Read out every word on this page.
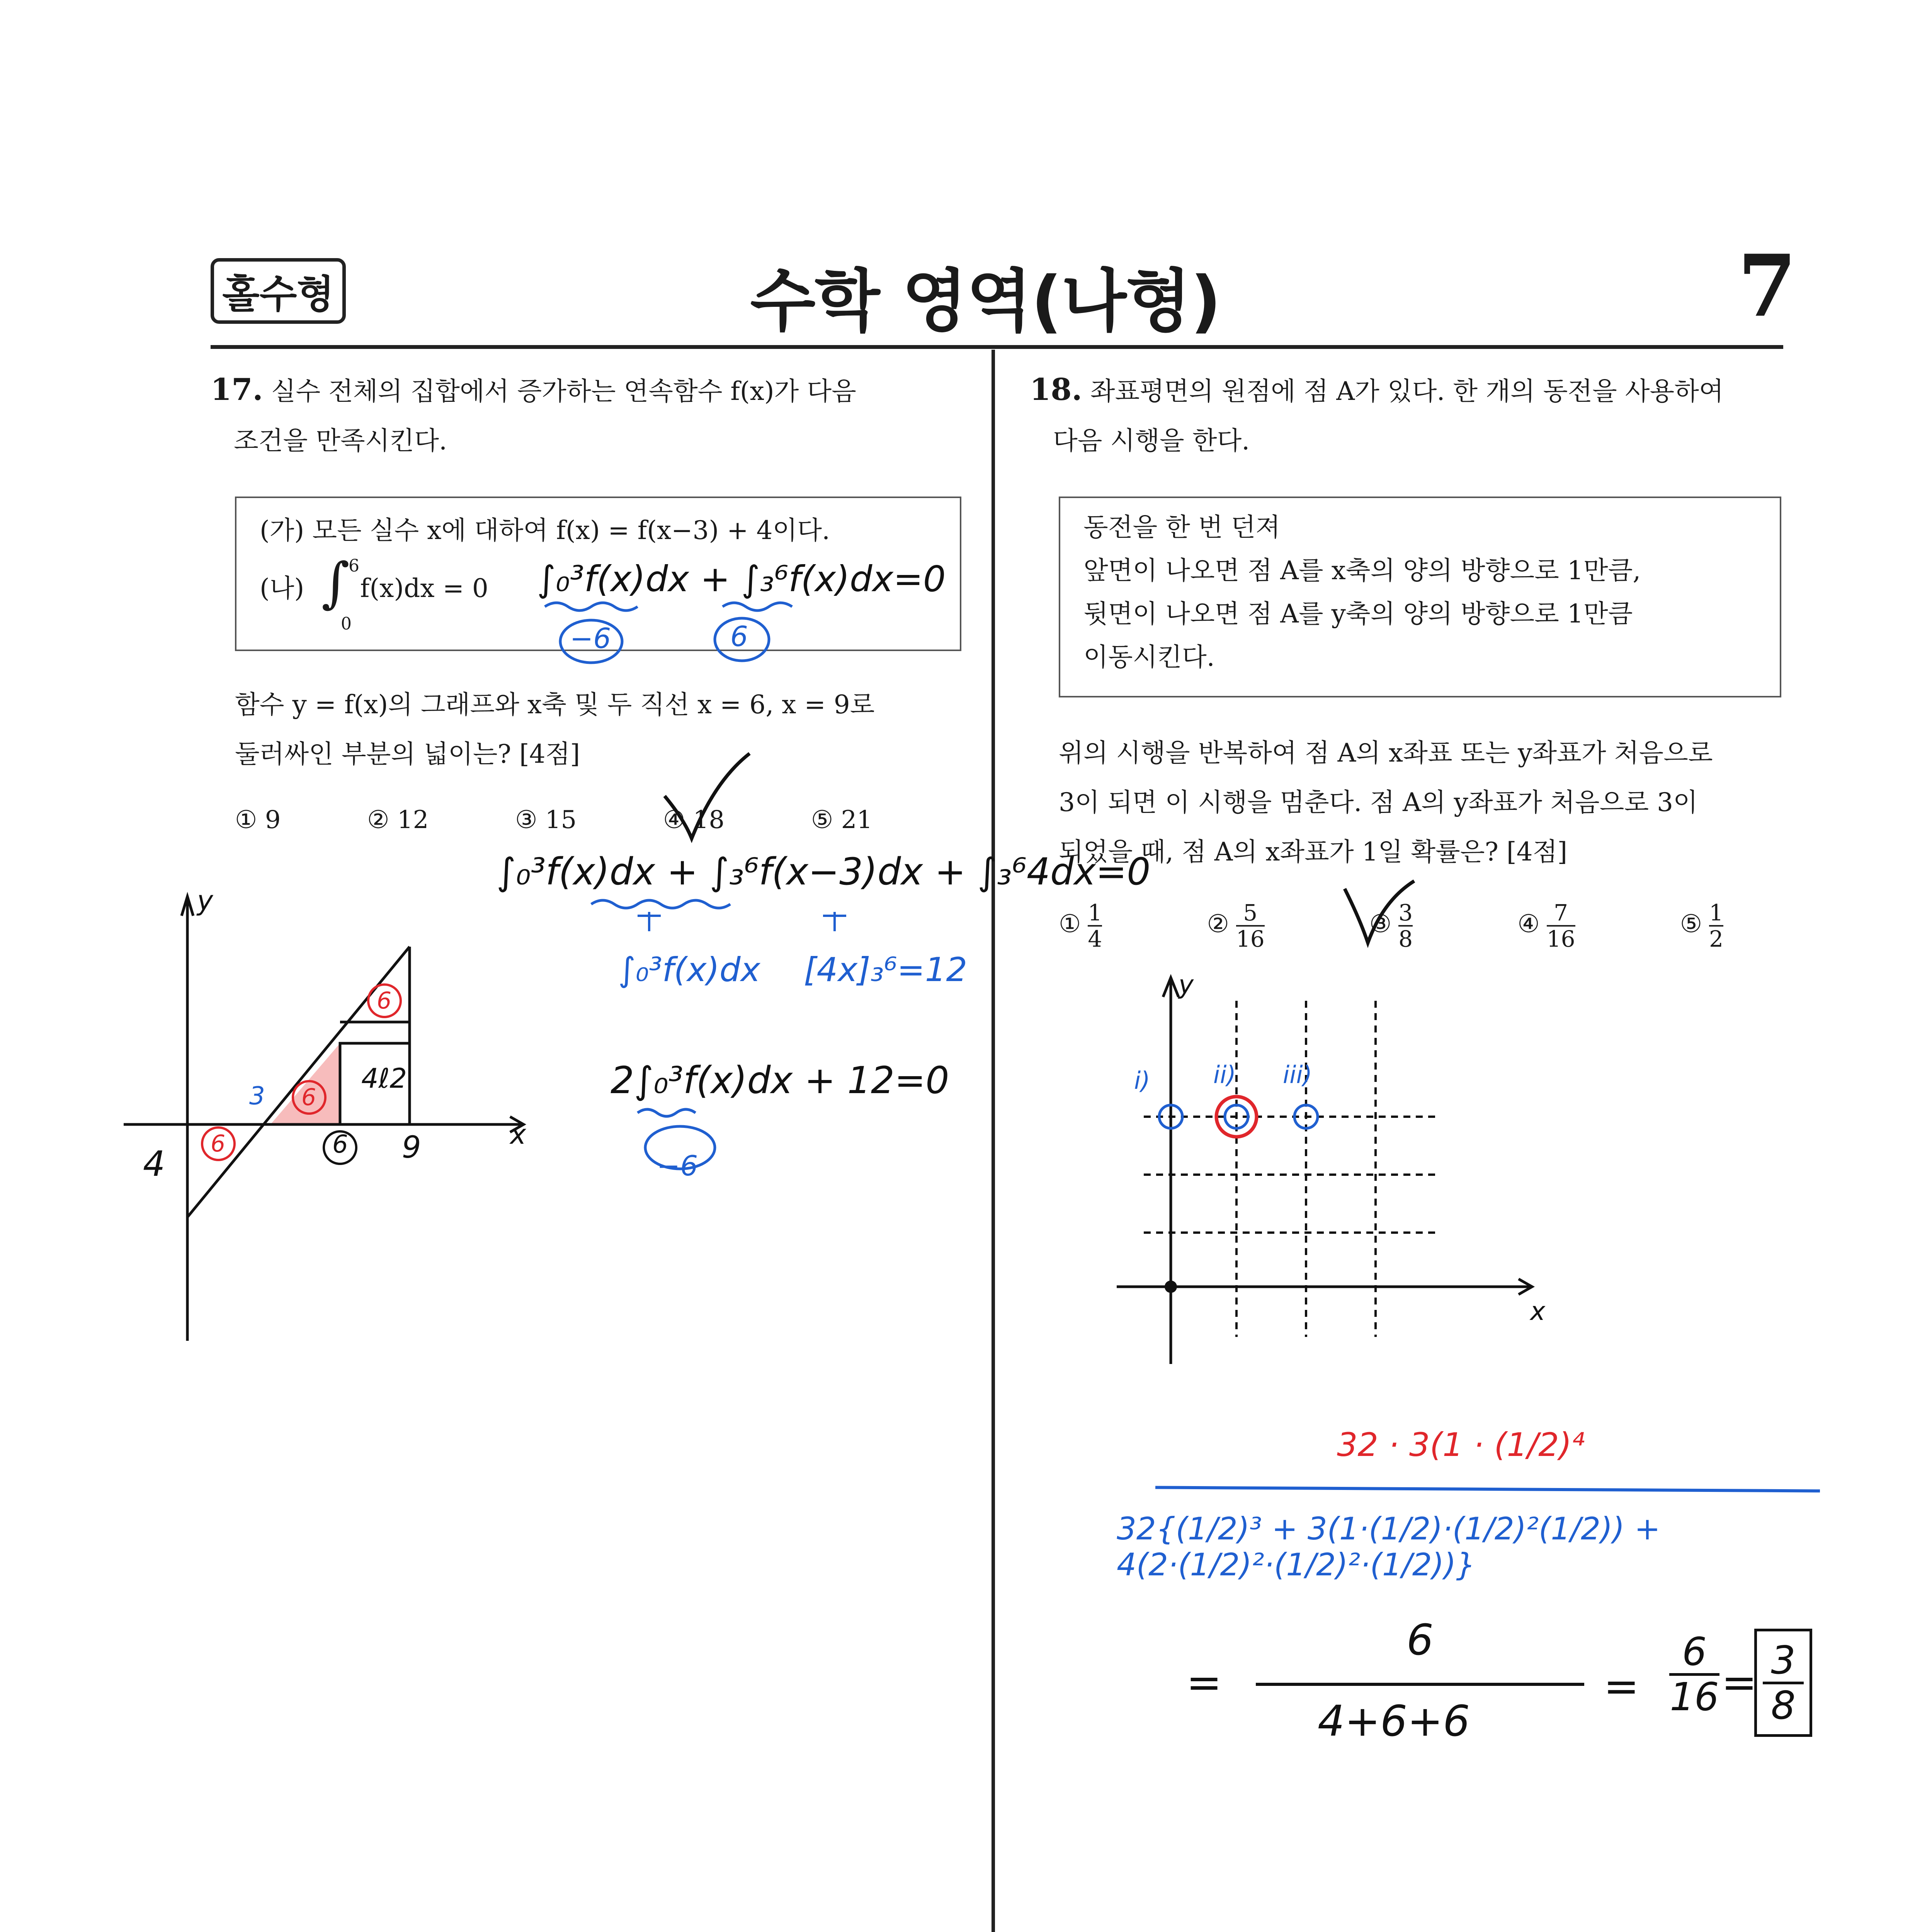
홀수형	수학 영역(나형)	7
17. 실수 전체의 집합에서 증가하는 연속함수 f(x)가 다음
조건을 만족시킨다.
(가) 모든 실수 x에 대하여 f(x) = f(x−3) + 4이다.
(나) ∫
6
0
f(x)dx = 0 ∫₀³f(x)dx + ∫₃⁶f(x)dx=0
−6	6
함수 y = f(x)의 그래프와 x축 및 두 직선 x = 6, x = 9로
둘러싸인 부분의 넓이는? [4점]
① 9	② 12	③ 15	④ 18	⑤ 21
∫₀³f(x)dx + ∫₃⁶f(x−3)dx + ∫₃⁶4dx=0
∫₀³f(x)dx [4x]₃⁶=12
2∫₀³f(x)dx + 12=0
−6
y
x
4
3
6 9
6
6
6
4ℓ2
18. 좌표평면의 원점에 점 A가 있다. 한 개의 동전을 사용하여
다음 시행을 한다.
동전을 한 번 던져
앞면이 나오면 점 A를 x축의 양의 방향으로 1만큼,
뒷면이 나오면 점 A를 y축의 양의 방향으로 1만큼
이동시킨다.
위의 시행을 반복하여 점 A의 x좌표 또는 y좌표가 처음으로
3이 되면 이 시행을 멈춘다. 점 A의 y좌표가 처음으로 3이
되었을 때, 점 A의 x좌표가 1일 확률은? [4점]
① $\frac{1}{4}$	② $\frac{5}{16}$	③ $\frac{3}{8}$	④ $\frac{7}{16}$	⑤ $\frac{1}{2}$
y
x
i)	ii) iii)
32 · 3(1 · (1/2)⁴
32{(1/2)³ + 3(1·(1/2)·(1/2)²(1/2)) + 4(2·(1/2)²·(1/2)²·(1/2))}
=
6
4+6+6
=
6
16 = 3
8
